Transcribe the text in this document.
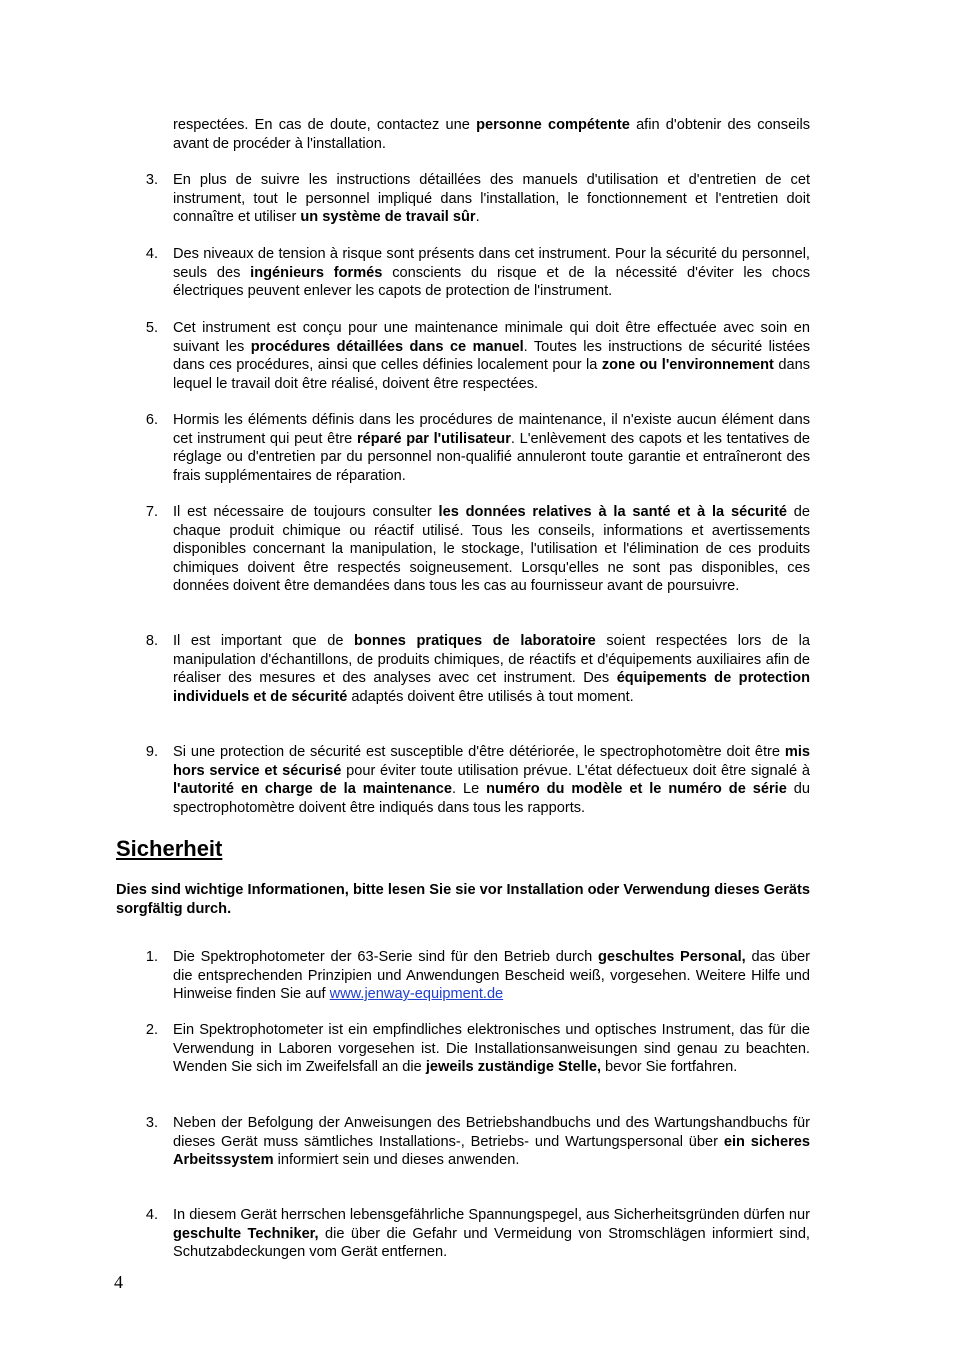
respectées. En cas de doute, contactez une personne compétente afin d'obtenir des conseils avant de procéder à l'installation.
3. En plus de suivre les instructions détaillées des manuels d'utilisation et d'entretien de cet instrument, tout le personnel impliqué dans l'installation, le fonctionnement et l'entretien doit connaître et utiliser un système de travail sûr.
4. Des niveaux de tension à risque sont présents dans cet instrument. Pour la sécurité du personnel, seuls des ingénieurs formés conscients du risque et de la nécessité d'éviter les chocs électriques peuvent enlever les capots de protection de l'instrument.
5. Cet instrument est conçu pour une maintenance minimale qui doit être effectuée avec soin en suivant les procédures détaillées dans ce manuel. Toutes les instructions de sécurité listées dans ces procédures, ainsi que celles définies localement pour la zone ou l'environnement dans lequel le travail doit être réalisé, doivent être respectées.
6. Hormis les éléments définis dans les procédures de maintenance, il n'existe aucun élément dans cet instrument qui peut être réparé par l'utilisateur. L'enlèvement des capots et les tentatives de réglage ou d'entretien par du personnel non-qualifié annuleront toute garantie et entraîneront des frais supplémentaires de réparation.
7. Il est nécessaire de toujours consulter les données relatives à la santé et à la sécurité de chaque produit chimique ou réactif utilisé. Tous les conseils, informations et avertissements disponibles concernant la manipulation, le stockage, l'utilisation et l'élimination de ces produits chimiques doivent être respectés soigneusement. Lorsqu'elles ne sont pas disponibles, ces données doivent être demandées dans tous les cas au fournisseur avant de poursuivre.
8. Il est important que de bonnes pratiques de laboratoire soient respectées lors de la manipulation d'échantillons, de produits chimiques, de réactifs et d'équipements auxiliaires afin de réaliser des mesures et des analyses avec cet instrument. Des équipements de protection individuels et de sécurité adaptés doivent être utilisés à tout moment.
9. Si une protection de sécurité est susceptible d'être détériorée, le spectrophotomètre doit être mis hors service et sécurisé pour éviter toute utilisation prévue. L'état défectueux doit être signalé à l'autorité en charge de la maintenance. Le numéro du modèle et le numéro de série du spectrophotomètre doivent être indiqués dans tous les rapports.
Sicherheit
Dies sind wichtige Informationen, bitte lesen Sie sie vor Installation oder Verwendung dieses Geräts sorgfältig durch.
1. Die Spektrophotometer der 63-Serie sind für den Betrieb durch geschultes Personal, das über die entsprechenden Prinzipien und Anwendungen Bescheid weiß, vorgesehen. Weitere Hilfe und Hinweise finden Sie auf www.jenway-equipment.de
2. Ein Spektrophotometer ist ein empfindliches elektronisches und optisches Instrument, das für die Verwendung in Laboren vorgesehen ist. Die Installationsanweisungen sind genau zu beachten. Wenden Sie sich im Zweifelsfall an die jeweils zuständige Stelle, bevor Sie fortfahren.
3. Neben der Befolgung der Anweisungen des Betriebshandbuchs und des Wartungshandbuchs für dieses Gerät muss sämtliches Installations-, Betriebs- und Wartungspersonal über ein sicheres Arbeitssystem informiert sein und dieses anwenden.
4. In diesem Gerät herrschen lebensgefährliche Spannungspegel, aus Sicherheitsgründen dürfen nur geschulte Techniker, die über die Gefahr und Vermeidung von Stromschlägen informiert sind, Schutzabdeckungen vom Gerät entfernen.
4
